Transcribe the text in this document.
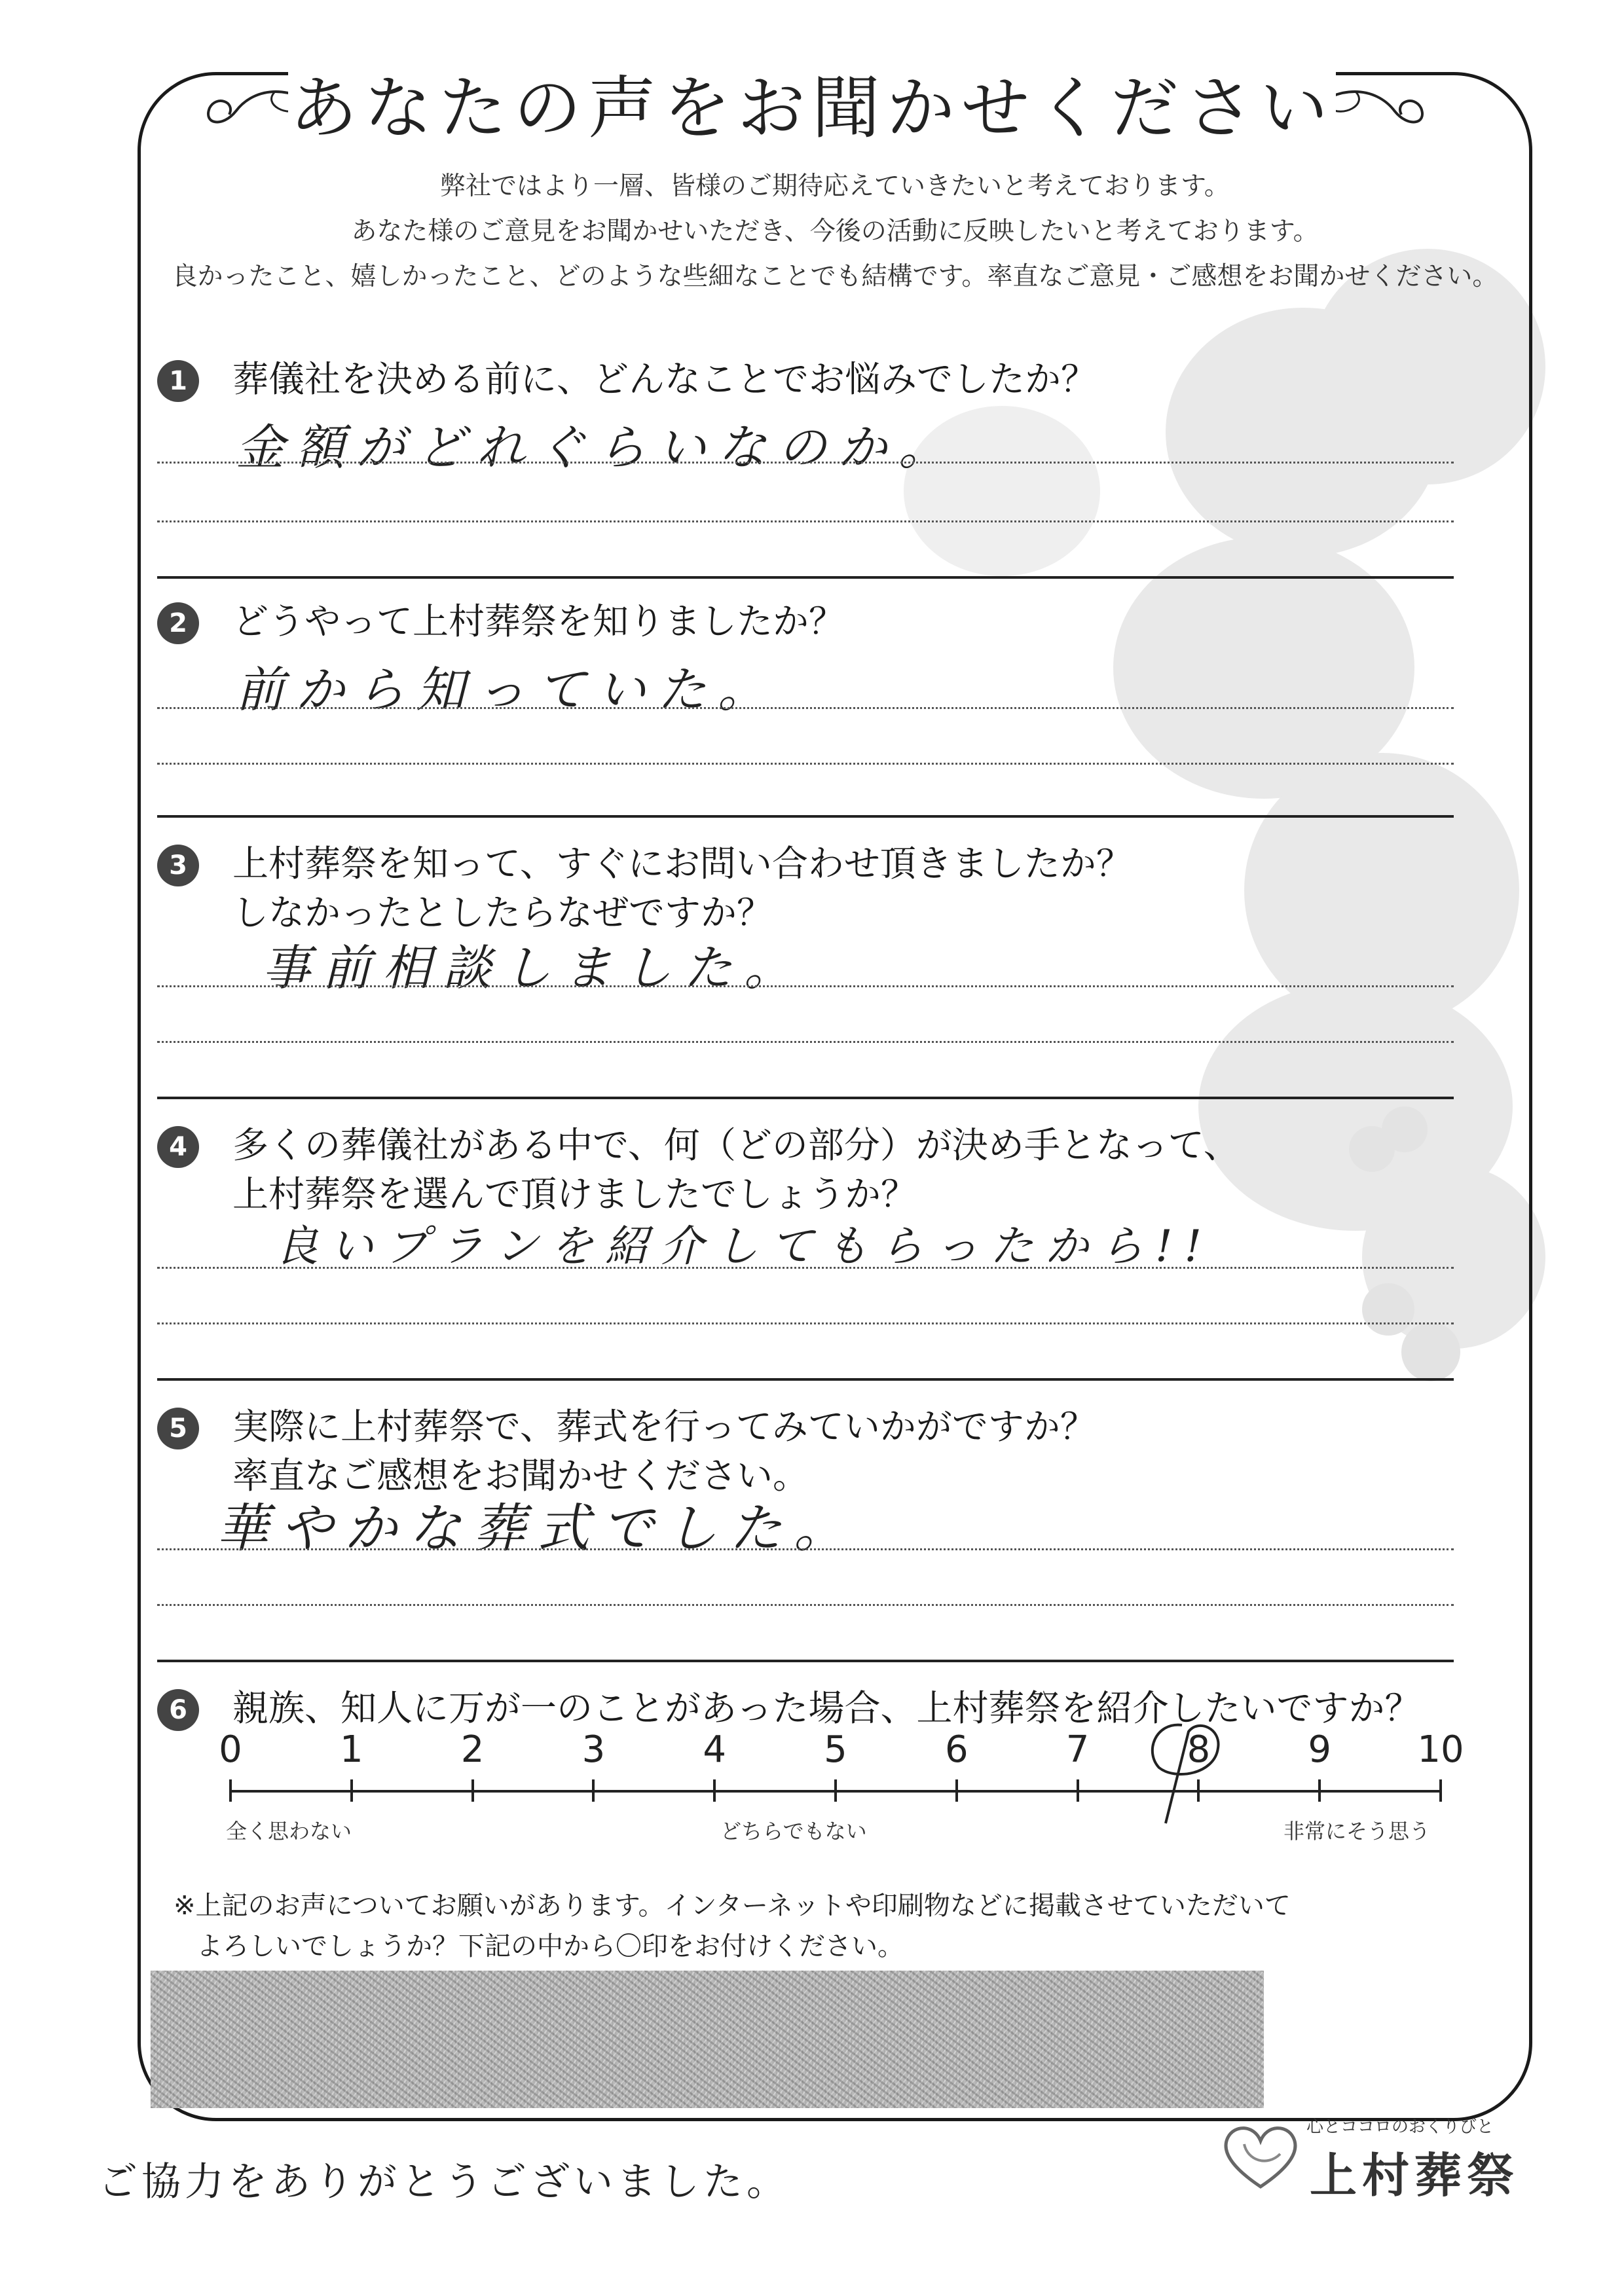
あなたの声をお聞かせください
弊社ではより一層、皆様のご期待応えていきたいと考えております。
あなた様のご意見をお聞かせいただき、今後の活動に反映したいと考えております。
良かったこと、嬉しかったこと、どのような些細なことでも結構です。率直なご意見・ご感想をお聞かせください。
1	葬儀社を決める前に、どんなことでお悩みでしたか？
金額がどれぐらいなのか。
2	どうやって上村葬祭を知りましたか？
前から知っていた。
3	上村葬祭を知って、すぐにお問い合わせ頂きましたか？
しなかったとしたらなぜですか？
事前相談しました。
4	多くの葬儀社がある中で、何（どの部分）が決め手となって、
上村葬祭を選んで頂けましたでしょうか？
良いプランを紹介してもらったから!!
5	実際に上村葬祭で、葬式を行ってみていかがですか？
率直なご感想をお聞かせください。
華やかな葬式でした。
6	親族、知人に万が一のことがあった場合、上村葬祭を紹介したいですか？
0	1	2	3	4	5	6	7	8	9	10
全く思わない	どちらでもない	非常にそう思う
※上記のお声についてお願いがあります。インターネットや印刷物などに掲載させていただいて
よろしいでしょうか？下記の中から〇印をお付けください。
ご協力をありがとうございました。
心とココロのおくりびと
上村葬祭
